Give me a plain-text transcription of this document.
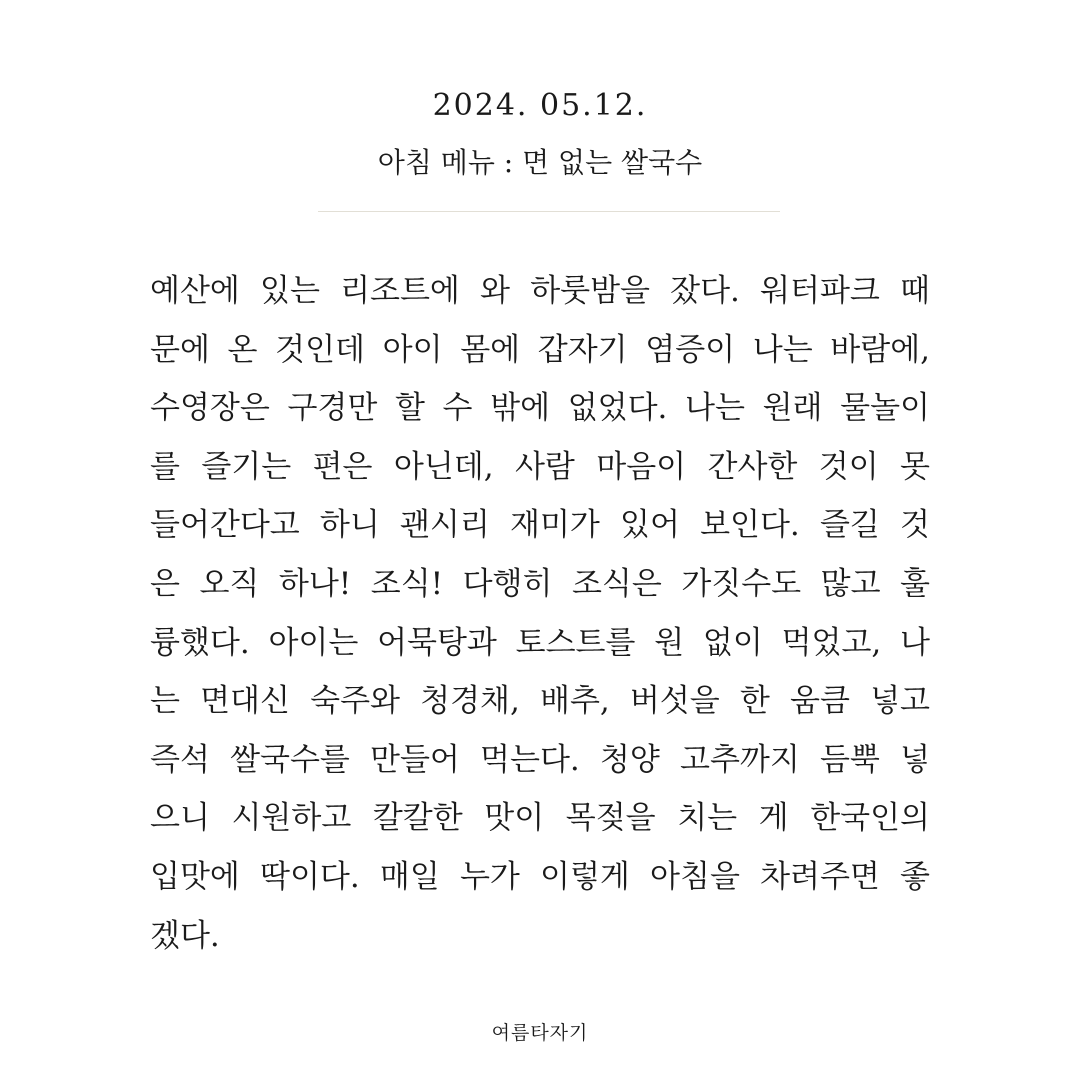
2024. 05.12.
아침 메뉴 : 면 없는 쌀국수
예산에 있는 리조트에 와 하룻밤을 잤다. 워터파크 때
문에 온 것인데 아이 몸에 갑자기 염증이 나는 바람에,
수영장은 구경만 할 수 밖에 없었다. 나는 원래 물놀이
를 즐기는 편은 아닌데, 사람 마음이 간사한 것이 못
들어간다고 하니 괜시리 재미가 있어 보인다. 즐길 것
은 오직 하나! 조식! 다행히 조식은 가짓수도 많고 훌
륭했다. 아이는 어묵탕과 토스트를 원 없이 먹었고, 나
는 면대신 숙주와 청경채, 배추, 버섯을 한 움큼 넣고
즉석 쌀국수를 만들어 먹는다. 청양 고추까지 듬뿍 넣
으니 시원하고 칼칼한 맛이 목젖을 치는 게 한국인의
입맛에 딱이다. 매일 누가 이렇게 아침을 차려주면 좋
겠다.
여름타자기
